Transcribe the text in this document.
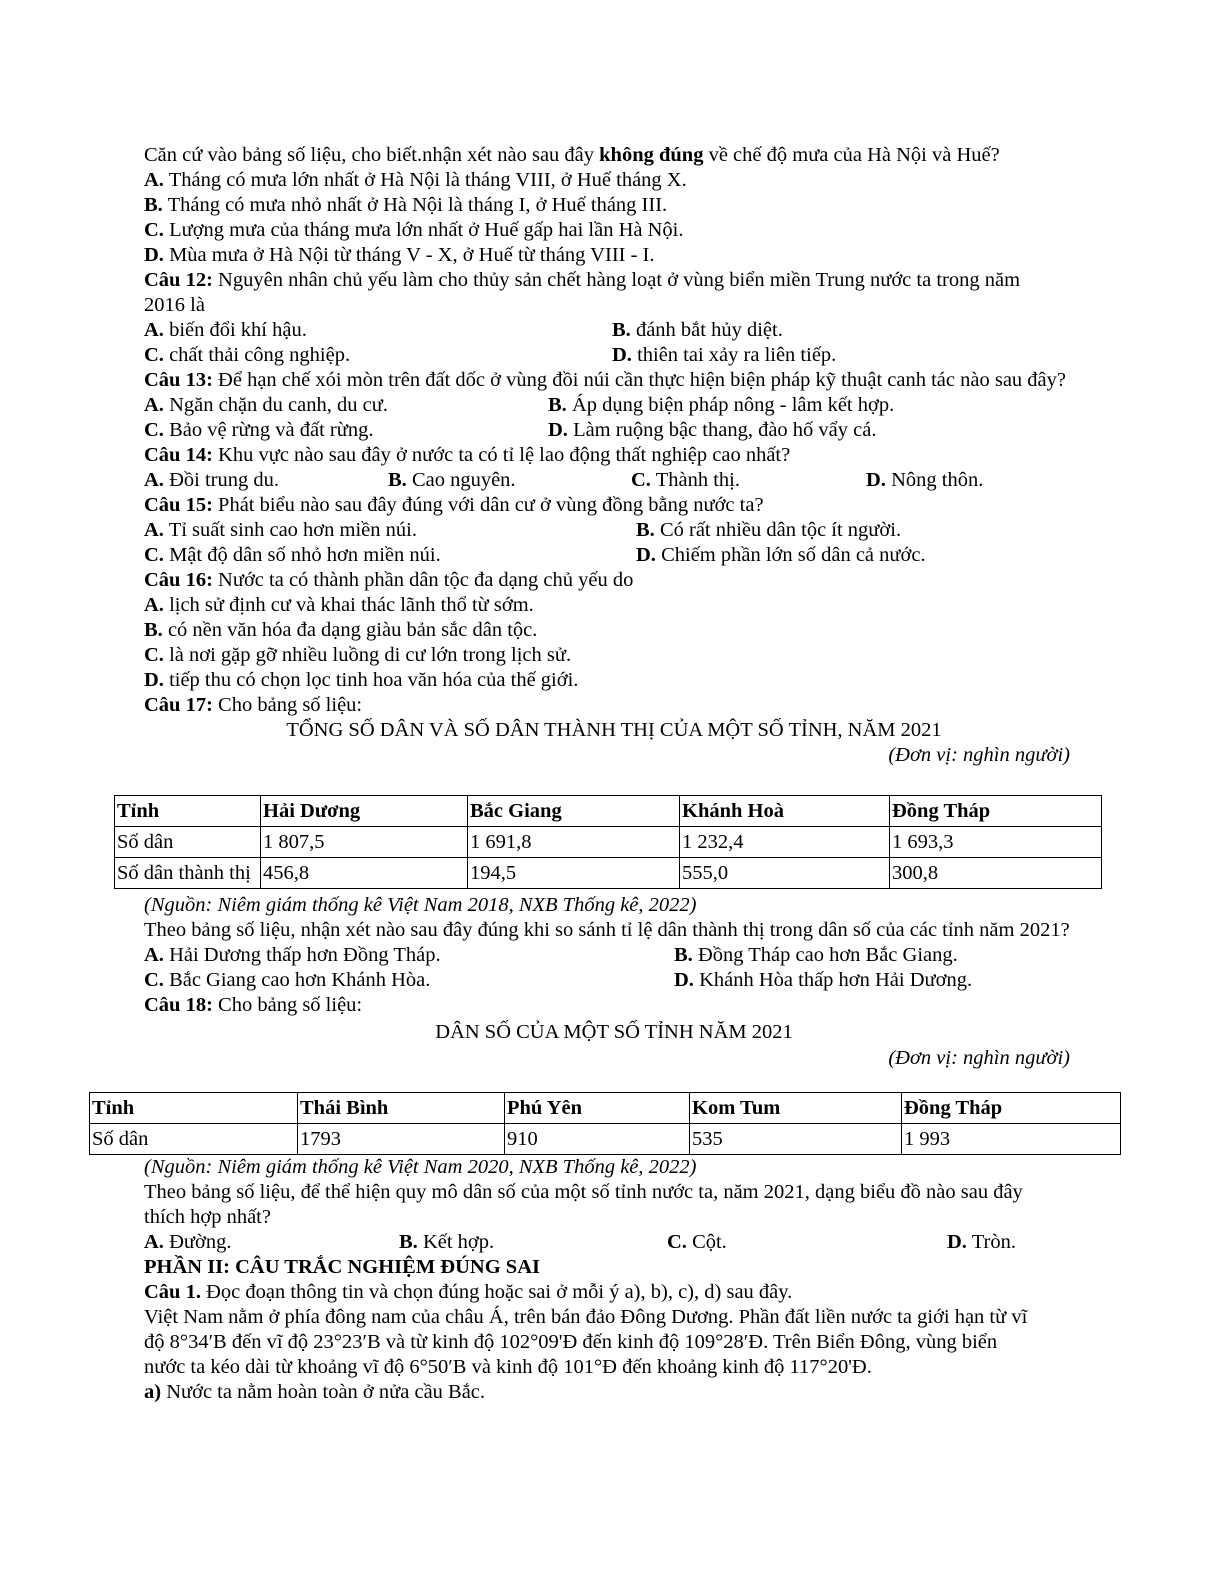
Căn cứ vào bảng số liệu, cho biết.nhận xét nào sau đây không đúng về chế độ mưa của Hà Nội và Huế?
A. Tháng có mưa lớn nhất ở Hà Nội là tháng VIII, ở Huế tháng X.
B. Tháng có mưa nhỏ nhất ở Hà Nội là tháng I, ở Huế tháng III.
C. Lượng mưa của tháng mưa lớn nhất ở Huế gấp hai lần Hà Nội.
D. Mùa mưa ở Hà Nội từ tháng V - X, ở Huế từ tháng VIII - I.
Câu 12: Nguyên nhân chủ yếu làm cho thủy sản chết hàng loạt ở vùng biển miền Trung nước ta trong năm 2016 là
A. biến đổi khí hậu.	B. đánh bắt hủy diệt.
C. chất thải công nghiệp.	D. thiên tai xảy ra liên tiếp.
Câu 13: Để hạn chế xói mòn trên đất dốc ở vùng đồi núi cần thực hiện biện pháp kỹ thuật canh tác nào sau đây?
A. Ngăn chặn du canh, du cư.	B. Áp dụng biện pháp nông - lâm kết hợp.
C. Bảo vệ rừng và đất rừng.	D. Làm ruộng bậc thang, đào hố vẩy cá.
Câu 14: Khu vực nào sau đây ở nước ta có tỉ lệ lao động thất nghiệp cao nhất?
A. Đồi trung du.	B. Cao nguyên.	C. Thành thị.	D. Nông thôn.
Câu 15: Phát biểu nào sau đây đúng với dân cư ở vùng đồng bằng nước ta?
A. Tỉ suất sinh cao hơn miền núi.	B. Có rất nhiều dân tộc ít người.
C. Mật độ dân số nhỏ hơn miền núi.	D. Chiếm phần lớn số dân cả nước.
Câu 16: Nước ta có thành phần dân tộc đa dạng chủ yếu do
A. lịch sử định cư và khai thác lãnh thổ từ sớm.
B. có nền văn hóa đa dạng giàu bản sắc dân tộc.
C. là nơi gặp gỡ nhiều luồng di cư lớn trong lịch sử.
D. tiếp thu có chọn lọc tinh hoa văn hóa của thế giới.
Câu 17: Cho bảng số liệu:
TỔNG SỐ DÂN VÀ SỐ DÂN THÀNH THỊ CỦA MỘT SỐ TỈNH, NĂM 2021
(Đơn vị: nghìn người)
Tỉnh	Hải Dương	Bắc Giang	Khánh Hoà	Đồng Tháp
Số dân	1 807,5	1 691,8	1 232,4	1 693,3
Số dân thành thị	456,8	194,5	555,0	300,8
(Nguồn: Niêm giám thống kê Việt Nam 2018, NXB Thống kê, 2022)
Theo bảng số liệu, nhận xét nào sau đây đúng khi so sánh tỉ lệ dân thành thị trong dân số của các tỉnh năm 2021?
A. Hải Dương thấp hơn Đồng Tháp.	B. Đồng Tháp cao hơn Bắc Giang.
C. Bắc Giang cao hơn Khánh Hòa.	D. Khánh Hòa thấp hơn Hải Dương.
Câu 18: Cho bảng số liệu:
DÂN SỐ CỦA MỘT SỐ TỈNH NĂM 2021
(Đơn vị: nghìn người)
Tỉnh	Thái Bình	Phú Yên	Kom Tum	Đồng Tháp
Số dân	1793	910	535	1 993
(Nguồn: Niêm giám thống kê Việt Nam 2020, NXB Thống kê, 2022)
Theo bảng số liệu, để thể hiện quy mô dân số của một số tỉnh nước ta, năm 2021, dạng biểu đồ nào sau đây thích hợp nhất?
A. Đường.	B. Kết hợp.	C. Cột.	D. Tròn.
PHẦN II: CÂU TRẮC NGHIỆM ĐÚNG SAI
Câu 1. Đọc đoạn thông tin và chọn đúng hoặc sai ở mỗi ý a), b), c), d) sau đây.
Việt Nam nằm ở phía đông nam của châu Á, trên bán đảo Đông Dương. Phần đất liền nước ta giới hạn từ vĩ
độ 8°34′B đến vĩ độ 23°23′B và từ kinh độ 102°09'Đ đến kinh độ 109°28′Đ. Trên Biển Đông, vùng biển
nước ta kéo dài từ khoảng vĩ độ 6°50′B và kinh độ 101°Đ đến khoảng kinh độ 117°20'Đ.
a) Nước ta nằm hoàn toàn ở nửa cầu Bắc.
